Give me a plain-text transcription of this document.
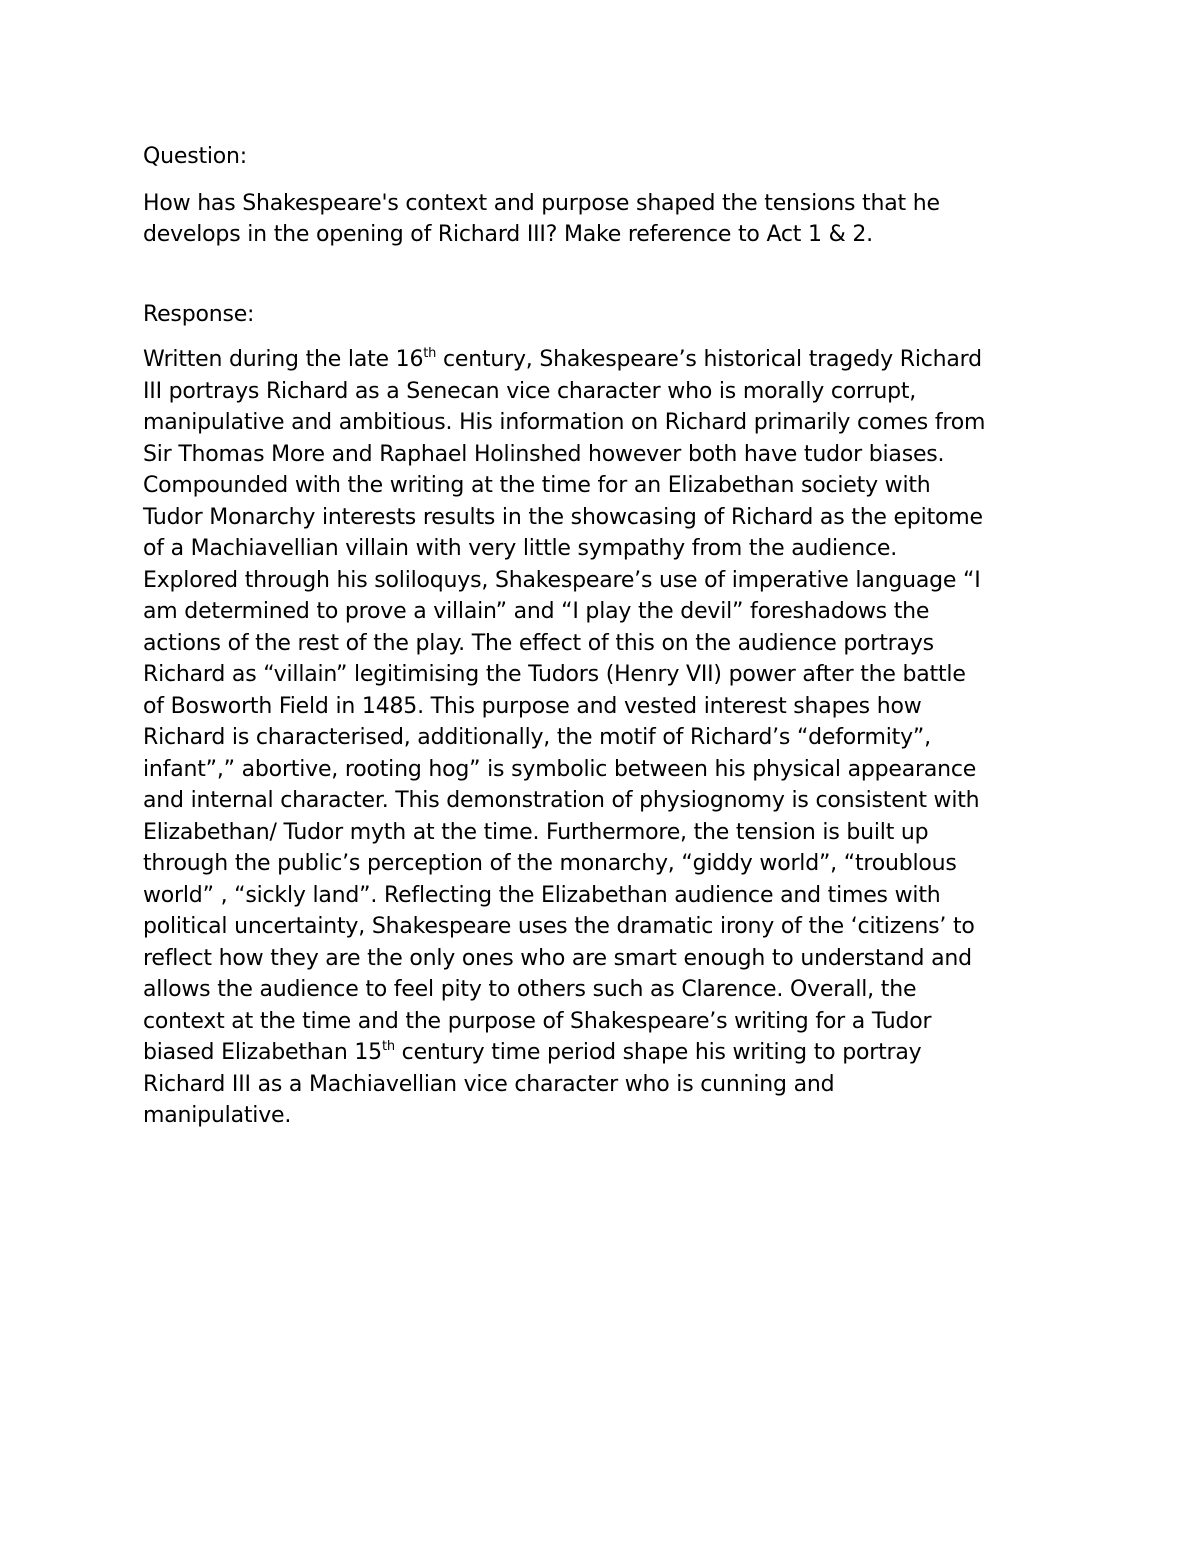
Question:

How has Shakespeare's context and purpose shaped the tensions that he
develops in the opening of Richard III? Make reference to Act 1 & 2.

Response:

Written during the late 16th century, Shakespeare’s historical tragedy Richard
III portrays Richard as a Senecan vice character who is morally corrupt,
manipulative and ambitious. His information on Richard primarily comes from
Sir Thomas More and Raphael Holinshed however both have tudor biases.
Compounded with the writing at the time for an Elizabethan society with
Tudor Monarchy interests results in the showcasing of Richard as the epitome
of a Machiavellian villain with very little sympathy from the audience.
Explored through his soliloquys, Shakespeare’s use of imperative language “I
am determined to prove a villain” and “I play the devil” foreshadows the
actions of the rest of the play. The effect of this on the audience portrays
Richard as “villain” legitimising the Tudors (Henry VII) power after the battle
of Bosworth Field in 1485. This purpose and vested interest shapes how
Richard is characterised, additionally, the motif of Richard’s “deformity”,
infant”,” abortive, rooting hog” is symbolic between his physical appearance
and internal character. This demonstration of physiognomy is consistent with
Elizabethan/ Tudor myth at the time. Furthermore, the tension is built up
through the public’s perception of the monarchy, “giddy world”, “troublous
world” , “sickly land”. Reflecting the Elizabethan audience and times with
political uncertainty, Shakespeare uses the dramatic irony of the ‘citizens’ to
reflect how they are the only ones who are smart enough to understand and
allows the audience to feel pity to others such as Clarence. Overall, the
context at the time and the purpose of Shakespeare’s writing for a Tudor
biased Elizabethan 15th century time period shape his writing to portray
Richard III as a Machiavellian vice character who is cunning and
manipulative.
